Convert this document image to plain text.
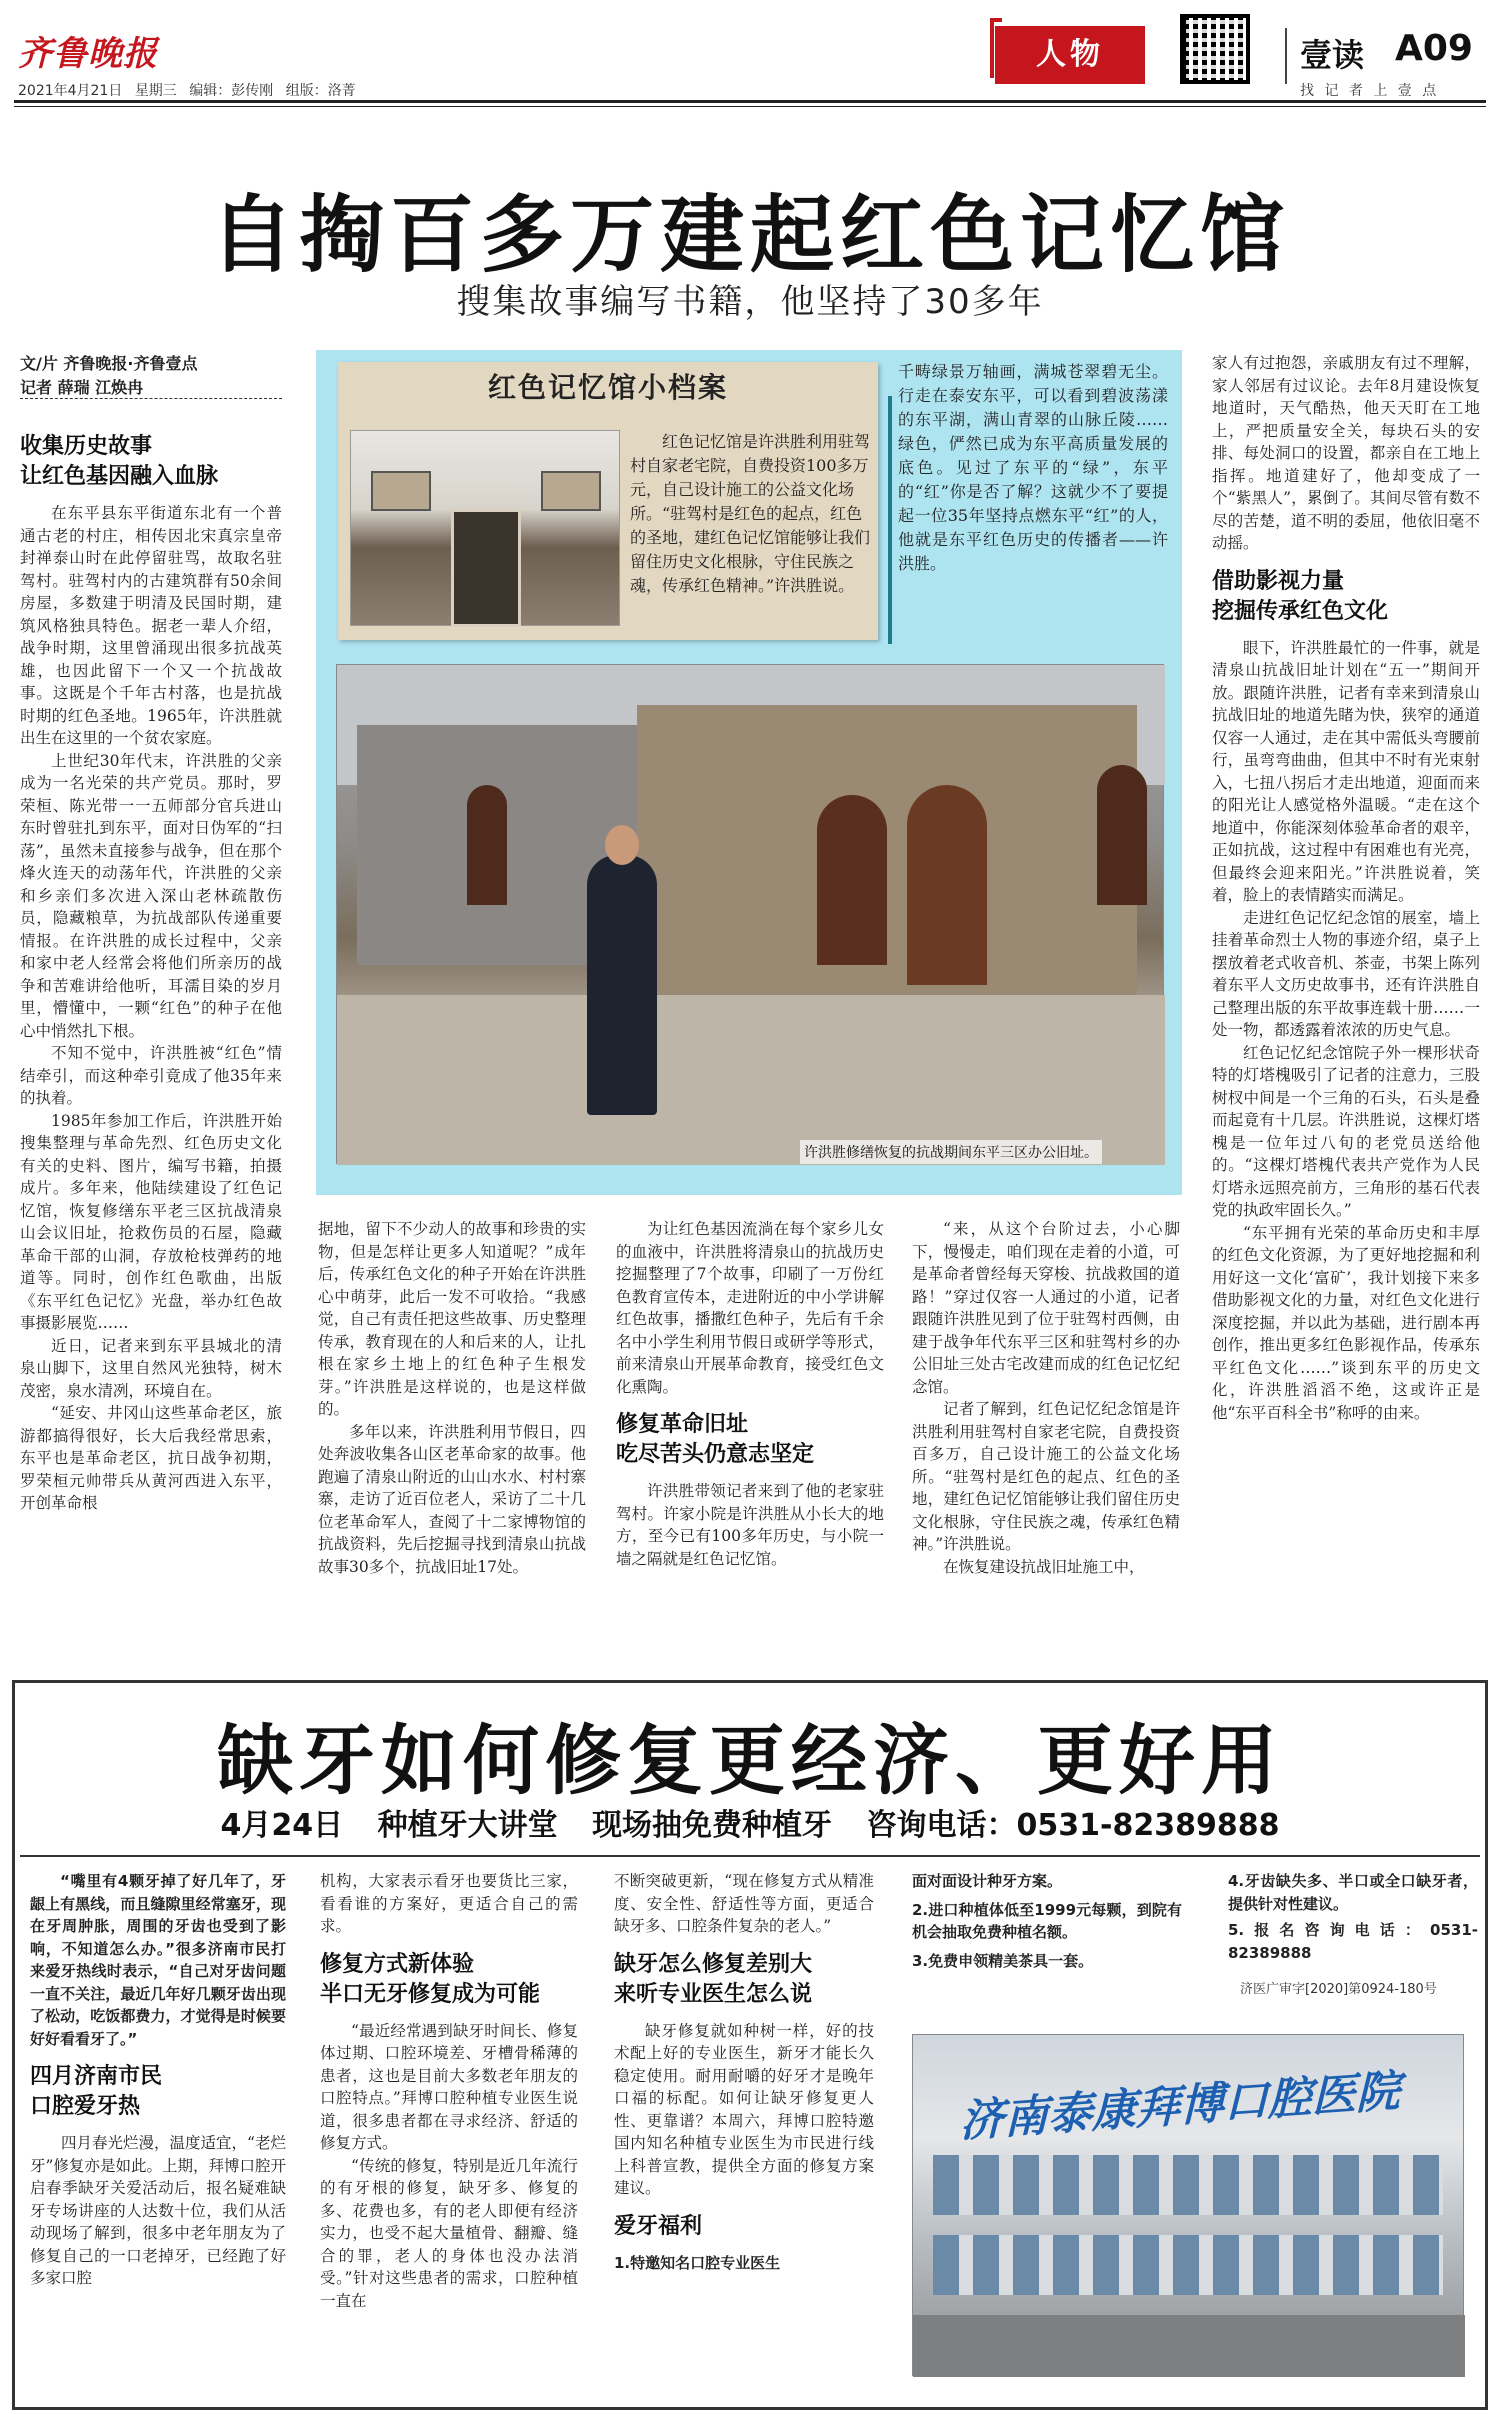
齐鲁晚报
2021年4月21日 星期三 编辑：彭传刚 组版：洛菁
人物	壹读 A09
找 记 者 上 壹 点
自掏百多万建起红色记忆馆
搜集故事编写书籍，他坚持了30多年
文/片 齐鲁晚报·齐鲁壹点
记者 薛瑞 江焕冉
收集历史故事
让红色基因融入血脉

在东平县东平街道东北有一个普通古老的村庄，相传因北宋真宗皇帝封禅泰山时在此停留驻骂，故取名驻驾村。驻驾村内的古建筑群有50余间房屋，多数建于明清及民国时期，建筑风格独具特色。据老一辈人介绍，战争时期，这里曾涌现出很多抗战英雄，也因此留下一个又一个抗战故事。这既是个千年古村落，也是抗战时期的红色圣地。1965年，许洪胜就出生在这里的一个贫农家庭。

上世纪30年代末，许洪胜的父亲成为一名光荣的共产党员。那时，罗荣桓、陈光带一一五师部分官兵进山东时曾驻扎到东平，面对日伪军的“扫荡”，虽然未直接参与战争，但在那个烽火连天的动荡年代，许洪胜的父亲和乡亲们多次进入深山老林疏散伤员，隐藏粮草，为抗战部队传递重要情报。在许洪胜的成长过程中，父亲和家中老人经常会将他们所亲历的战争和苦难讲给他听，耳濡目染的岁月里，懵懂中，一颗“红色”的种子在他心中悄然扎下根。

不知不觉中，许洪胜被“红色”情结牵引，而这种牵引竟成了他35年来的执着。

1985年参加工作后，许洪胜开始搜集整理与革命先烈、红色历史文化有关的史料、图片，编写书籍，拍摄成片。多年来，他陆续建设了红色记忆馆，恢复修缮东平老三区抗战清泉山会议旧址，抢救伤员的石屋，隐藏革命干部的山洞，存放枪枝弹药的地道等。同时，创作红色歌曲，出版《东平红色记忆》光盘，举办红色故事摄影展览……

近日，记者来到东平县城北的清泉山脚下，这里自然风光独特，树木茂密，泉水清冽，环境自在。

“延安、井冈山这些革命老区，旅游都搞得很好，长大后我经常思索，东平也是革命老区，抗日战争初期，罗荣桓元帅带兵从黄河西进入东平，开创革命根

红色记忆馆小档案
红色记忆馆是许洪胜利用驻驾村自家老宅院，自费投资100多万元，自己设计施工的公益文化场所。“驻驾村是红色的起点，红色的圣地，建红色记忆馆能够让我们留住历史文化根脉，守住民族之魂，传承红色精神。”许洪胜说。
千畴绿景万轴画，满城苍翠碧无尘。行走在泰安东平，可以看到碧波荡漾的东平湖，满山青翠的山脉丘陵……绿色，俨然已成为东平高质量发展的底色。见过了东平的“绿”，东平的“红”你是否了解？这就少不了要提起一位35年坚持点燃东平“红”的人，他就是东平红色历史的传播者——许洪胜。
许洪胜修缮恢复的抗战期间东平三区办公旧址。

据地，留下不少动人的故事和珍贵的实物，但是怎样让更多人知道呢？”成年后，传承红色文化的种子开始在许洪胜心中萌芽，此后一发不可收拾。“我感觉，自己有责任把这些故事、历史整理传承，教育现在的人和后来的人，让扎根在家乡土地上的红色种子生根发芽。”许洪胜是这样说的，也是这样做的。

多年以来，许洪胜利用节假日，四处奔波收集各山区老革命家的故事。他跑遍了清泉山附近的山山水水、村村寨寨，走访了近百位老人，采访了二十几位老革命军人，查阅了十二家博物馆的抗战资料，先后挖掘寻找到清泉山抗战故事30多个，抗战旧址17处。

为让红色基因流淌在每个家乡儿女的血液中，许洪胜将清泉山的抗战历史挖掘整理了7个故事，印刷了一万份红色教育宣传本，走进附近的中小学讲解红色故事，播撒红色种子，先后有千余名中小学生利用节假日或研学等形式，前来清泉山开展革命教育，接受红色文化熏陶。

修复革命旧址
吃尽苦头仍意志坚定

许洪胜带领记者来到了他的老家驻驾村。许家小院是许洪胜从小长大的地方，至今已有100多年历史，与小院一墙之隔就是红色记忆馆。

“来，从这个台阶过去，小心脚下，慢慢走，咱们现在走着的小道，可是革命者曾经每天穿梭、抗战救国的道路！”穿过仅容一人通过的小道，记者跟随许洪胜见到了位于驻驾村西侧，由建于战争年代东平三区和驻驾村乡的办公旧址三处古宅改建而成的红色记忆纪念馆。

记者了解到，红色记忆纪念馆是许洪胜利用驻驾村自家老宅院，自费投资百多万，自己设计施工的公益文化场所。“驻驾村是红色的起点、红色的圣地，建红色记忆馆能够让我们留住历史文化根脉，守住民族之魂，传承红色精神。”许洪胜说。

在恢复建设抗战旧址施工中，

家人有过抱怨，亲戚朋友有过不理解，家人邻居有过议论。去年8月建设恢复地道时，天气酷热，他天天盯在工地上，严把质量安全关，每块石头的安排、每处洞口的设置，都亲自在工地上指挥。地道建好了，他却变成了一个“紫黑人”，累倒了。其间尽管有数不尽的苦楚，道不明的委屈，他依旧毫不动摇。

借助影视力量
挖掘传承红色文化

眼下，许洪胜最忙的一件事，就是清泉山抗战旧址计划在“五一”期间开放。跟随许洪胜，记者有幸来到清泉山抗战旧址的地道先睹为快，狭窄的通道仅容一人通过，走在其中需低头弯腰前行，虽弯弯曲曲，但其中不时有光束射入，七扭八拐后才走出地道，迎面而来的阳光让人感觉格外温暖。“走在这个地道中，你能深刻体验革命者的艰辛，正如抗战，这过程中有困难也有光亮，但最终会迎来阳光。”许洪胜说着，笑着，脸上的表情踏实而满足。

走进红色记忆纪念馆的展室，墙上挂着革命烈士人物的事迹介绍，桌子上摆放着老式收音机、茶壶，书架上陈列着东平人文历史故事书，还有许洪胜自己整理出版的东平故事连载十册……一处一物，都透露着浓浓的历史气息。

红色记忆纪念馆院子外一棵形状奇特的灯塔槐吸引了记者的注意力，三股树杈中间是一个三角的石头，石头是叠而起竟有十几层。许洪胜说，这棵灯塔槐是一位年过八旬的老党员送给他的。“这棵灯塔槐代表共产党作为人民灯塔永远照亮前方，三角形的基石代表党的执政牢固长久。”

“东平拥有光荣的革命历史和丰厚的红色文化资源，为了更好地挖掘和利用好这一文化‘富矿’，我计划接下来多借助影视文化的力量，对红色文化进行深度挖掘，并以此为基础，进行剧本再创作，推出更多红色影视作品，传承东平红色文化……”谈到东平的历史文化，许洪胜滔滔不绝，这或许正是他“东平百科全书”称呼的由来。

缺牙如何修复更经济、更好用
4月24日 种植牙大讲堂 现场抽免费种植牙 咨询电话：0531-82389888

“嘴里有4颗牙掉了好几年了，牙龈上有黑线，而且缝隙里经常塞牙，现在牙周肿胀，周围的牙齿也受到了影响，不知道怎么办。”很多济南市民打来爱牙热线时表示，“自己对牙齿问题一直不关注，最近几年好几颗牙齿出现了松动，吃饭都费力，才觉得是时候要好好看看牙了。”

四月济南市民
口腔爱牙热

四月春光烂漫，温度适宜，“老烂牙”修复亦是如此。上期，拜博口腔开启春季缺牙关爱活动后，报名疑难缺牙专场讲座的人达数十位，我们从活动现场了解到，很多中老年朋友为了修复自己的一口老掉牙，已经跑了好多家口腔

机构，大家表示看牙也要货比三家，看看谁的方案好，更适合自己的需求。

修复方式新体验
半口无牙修复成为可能

“最近经常遇到缺牙时间长、修复体过期、口腔环境差、牙槽骨稀薄的患者，这也是目前大多数老年朋友的口腔特点。”拜博口腔种植专业医生说道，很多患者都在寻求经济、舒适的修复方式。

“传统的修复，特别是近几年流行的有牙根的修复，缺牙多、修复的多、花费也多，有的老人即便有经济实力，也受不起大量植骨、翻瓣、缝合的罪，老人的身体也没办法消受。”针对这些患者的需求，口腔种植一直在

不断突破更新，“现在修复方式从精准度、安全性、舒适性等方面，更适合缺牙多、口腔条件复杂的老人。”

缺牙怎么修复差别大
来听专业医生怎么说

缺牙修复就如种树一样，好的技术配上好的专业医生，新牙才能长久稳定使用。耐用耐嚼的好牙才是晚年口福的标配。如何让缺牙修复更人性、更靠谱？本周六，拜博口腔特邀国内知名种植专业医生为市民进行线上科普宣教，提供全方面的修复方案建议。

爱牙福利

1.特邀知名口腔专业医生

面对面设计种牙方案。

2.进口种植体低至1999元每颗，到院有机会抽取免费种植名额。

3.免费申领精美茶具一套。

4.牙齿缺失多、半口或全口缺牙者，提供针对性建议。

5.报名咨询电话：0531-82389888

济医广审字[2020]第0924-180号
济南泰康拜博口腔医院
